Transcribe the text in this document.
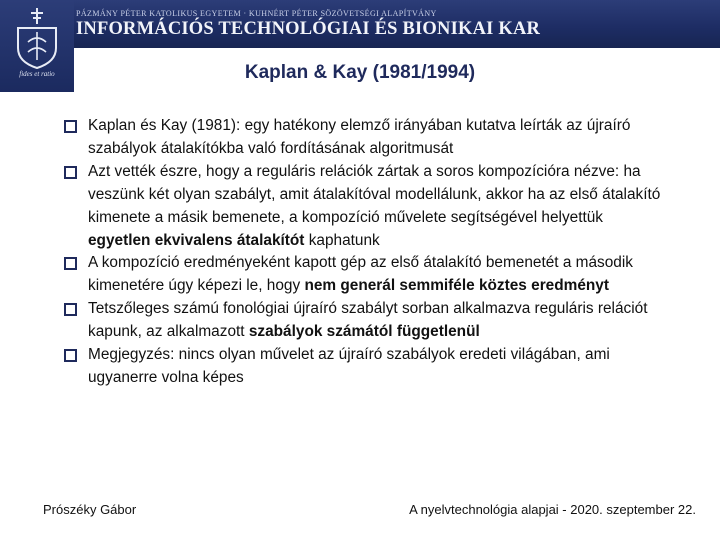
fides et ratio
PÁZMÁNY PÉTER KATOLIKUS EGYETEM · KUHNÉRT PÉTER SÖZÖVETSÉGI ALAPÍTVÁNY
INFORMÁCIÓS TECHNOLÓGIAI ÉS BIONIKAI KAR
Kaplan & Kay (1981/1994)
Kaplan és Kay (1981): egy hatékony elemző irányában kutatva leírták az újraíró szabályok átalakítókba való fordításának algoritmusát
Azt vették észre, hogy a reguláris relációk zártak a soros kompozícióra nézve: ha veszünk két olyan szabályt, amit átalakítóval modellálunk, akkor ha az első átalakító kimenete a másik bemenete, a kompozíció művelete segítségével helyettük egyetlen ekvivalens átalakítót kaphatunk
A kompozíció eredményeként kapott gép az első átalakító bemenetét a második kimenetére úgy képezi le, hogy nem generál semmiféle köztes eredményt
Tetszőleges számú fonológiai újraíró szabályt sorban alkalmazva reguláris relációt kapunk, az alkalmazott szabályok számától függetlenül
Megjegyzés: nincs olyan művelet az újraíró szabályok eredeti világában, ami ugyanerre volna képes
Prószéky Gábor	A nyelvtechnológia alapjai - 2020. szeptember 22.
